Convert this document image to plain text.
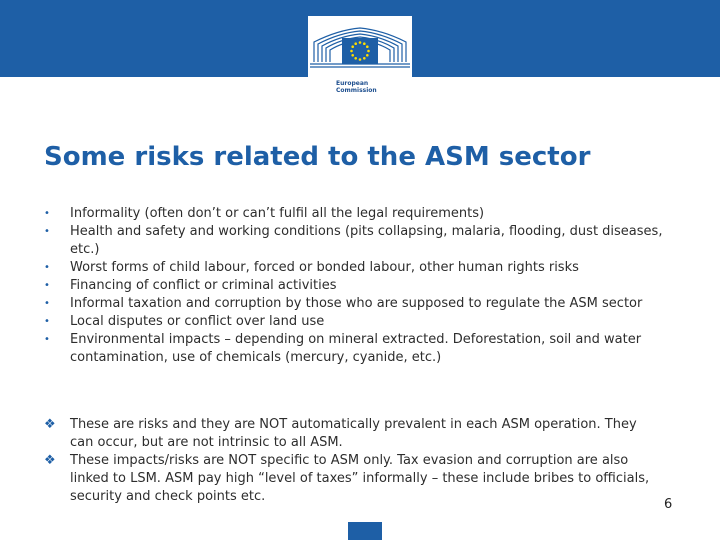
European
Commission
Some risks related to the ASM sector
•	Informality (often don’t or can’t fulfil all the legal requirements)
•	Health and safety and working conditions (pits collapsing, malaria, flooding, dust diseases, etc.)
•	Worst forms of child labour, forced or bonded labour, other human rights risks
•	Financing of conflict or criminal activities
•	Informal taxation and corruption by those who are supposed to regulate the ASM sector
•	Local disputes or conflict over land use
•	Environmental impacts – depending on mineral extracted. Deforestation, soil and water contamination, use of chemicals (mercury, cyanide, etc.)
❖	These are risks and they are NOT automatically prevalent in each ASM operation. They can occur, but are not intrinsic to all ASM.
❖	These impacts/risks are NOT specific to ASM only. Tax evasion and corruption are also linked to LSM. ASM pay high “level of taxes” informally – these include bribes to officials, security and check points etc.
6
